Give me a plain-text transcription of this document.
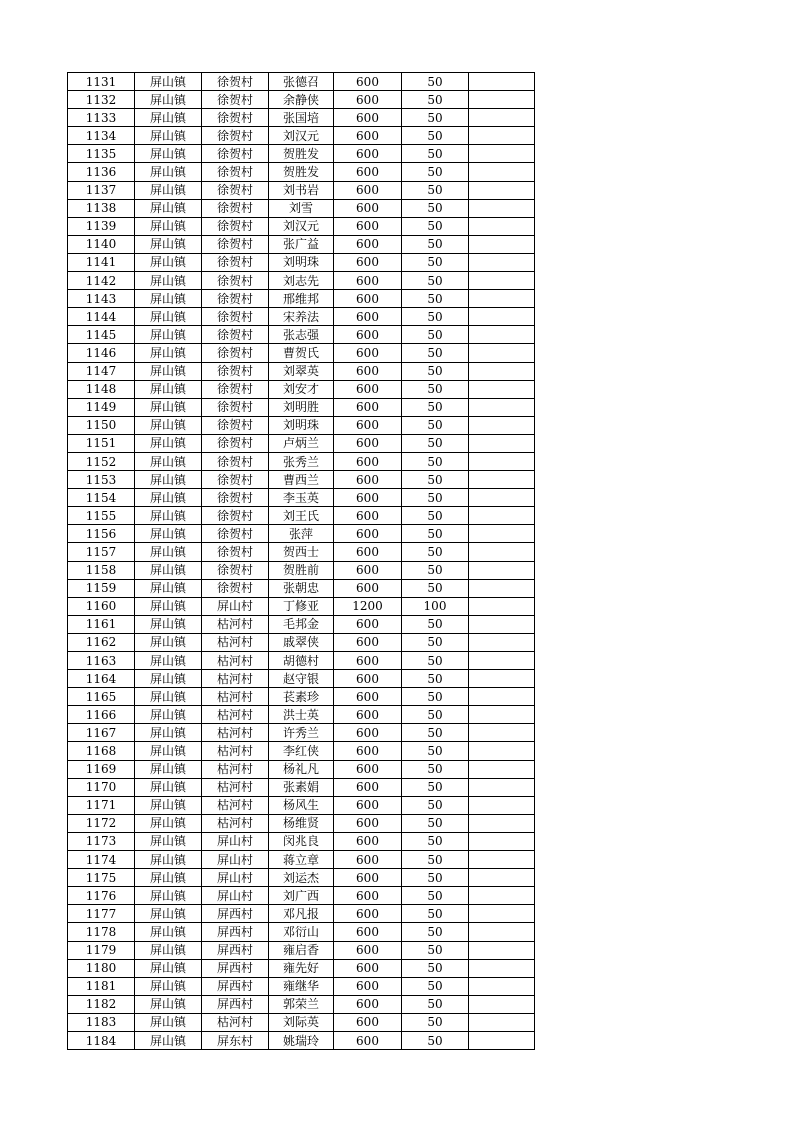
1131	屏山镇	徐贺村	张德召	600	50	
1132	屏山镇	徐贺村	余静侠	600	50	
1133	屏山镇	徐贺村	张国培	600	50	
1134	屏山镇	徐贺村	刘汉元	600	50	
1135	屏山镇	徐贺村	贺胜发	600	50	
1136	屏山镇	徐贺村	贺胜发	600	50	
1137	屏山镇	徐贺村	刘书岩	600	50	
1138	屏山镇	徐贺村	刘雪	600	50	
1139	屏山镇	徐贺村	刘汉元	600	50	
1140	屏山镇	徐贺村	张广益	600	50	
1141	屏山镇	徐贺村	刘明珠	600	50	
1142	屏山镇	徐贺村	刘志先	600	50	
1143	屏山镇	徐贺村	邢维邦	600	50	
1144	屏山镇	徐贺村	宋养法	600	50	
1145	屏山镇	徐贺村	张志强	600	50	
1146	屏山镇	徐贺村	曹贺氏	600	50	
1147	屏山镇	徐贺村	刘翠英	600	50	
1148	屏山镇	徐贺村	刘安才	600	50	
1149	屏山镇	徐贺村	刘明胜	600	50	
1150	屏山镇	徐贺村	刘明珠	600	50	
1151	屏山镇	徐贺村	卢炳兰	600	50	
1152	屏山镇	徐贺村	张秀兰	600	50	
1153	屏山镇	徐贺村	曹西兰	600	50	
1154	屏山镇	徐贺村	李玉英	600	50	
1155	屏山镇	徐贺村	刘王氏	600	50	
1156	屏山镇	徐贺村	张萍	600	50	
1157	屏山镇	徐贺村	贺西士	600	50	
1158	屏山镇	徐贺村	贺胜前	600	50	
1159	屏山镇	徐贺村	张朝忠	600	50	
1160	屏山镇	屏山村	丁修亚	1200	100	
1161	屏山镇	枯河村	毛邦金	600	50	
1162	屏山镇	枯河村	戚翠侠	600	50	
1163	屏山镇	枯河村	胡德村	600	50	
1164	屏山镇	枯河村	赵守银	600	50	
1165	屏山镇	枯河村	苌素珍	600	50	
1166	屏山镇	枯河村	洪士英	600	50	
1167	屏山镇	枯河村	许秀兰	600	50	
1168	屏山镇	枯河村	李红侠	600	50	
1169	屏山镇	枯河村	杨礼凡	600	50	
1170	屏山镇	枯河村	张素娟	600	50	
1171	屏山镇	枯河村	杨风生	600	50	
1172	屏山镇	枯河村	杨维贤	600	50	
1173	屏山镇	屏山村	闵兆良	600	50	
1174	屏山镇	屏山村	蒋立章	600	50	
1175	屏山镇	屏山村	刘运杰	600	50	
1176	屏山镇	屏山村	刘广西	600	50	
1177	屏山镇	屏西村	邓凡报	600	50	
1178	屏山镇	屏西村	邓衍山	600	50	
1179	屏山镇	屏西村	雍启香	600	50	
1180	屏山镇	屏西村	雍先好	600	50	
1181	屏山镇	屏西村	雍继华	600	50	
1182	屏山镇	屏西村	郭荣兰	600	50	
1183	屏山镇	枯河村	刘际英	600	50	
1184	屏山镇	屏东村	姚瑞玲	600	50	
